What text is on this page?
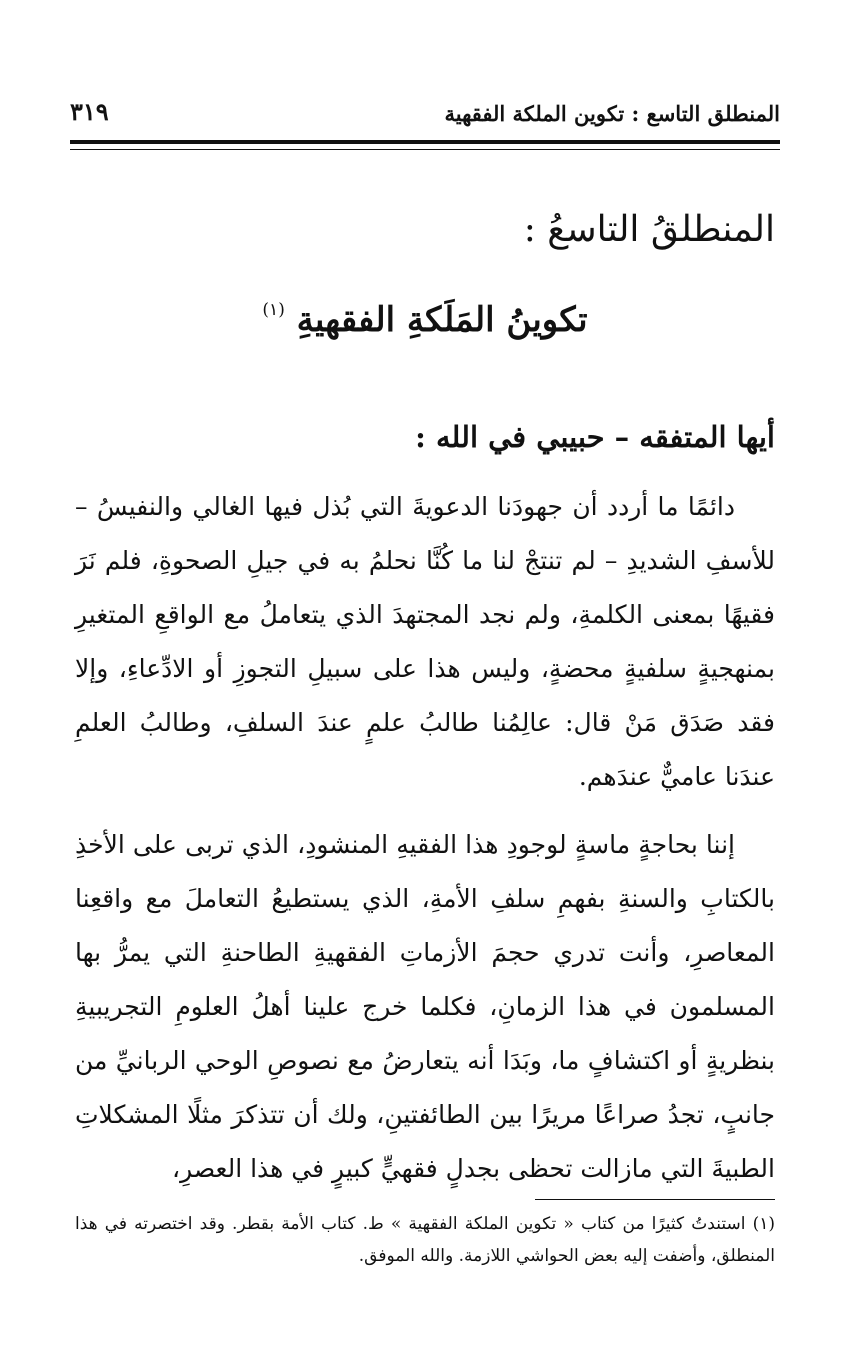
المنطلق التاسع : تكوين الملكة الفقهية
٣١٩
المنطلقُ التاسعُ :
تكوينُ المَلَكةِ الفقهيةِ $^{(١)}$
أيها المتفقه – حبيبي في الله :

دائمًا ما أردد أن جهودَنا الدعويةَ التي بُذل فيها الغالي والنفيسُ – للأسفِ الشديدِ – لم تنتجْ لنا ما كُنَّا نحلمُ به في جيلِ الصحوةِ، فلم نَرَ فقيهًا بمعنى الكلمةِ، ولم نجد المجتهدَ الذي يتعاملُ مع الواقعِ المتغيرِ بمنهجيةٍ سلفيةٍ محضةٍ، وليس هذا على سبيلِ التجوزِ أو الادِّعاءِ، وإلا فقد صَدَق مَنْ قال: عالِمُنا طالبُ علمٍ عندَ السلفِ، وطالبُ العلمِ عندَنا عاميٌّ عندَهم.

إننا بحاجةٍ ماسةٍ لوجودِ هذا الفقيهِ المنشودِ، الذي تربى على الأخذِ بالكتابِ والسنةِ بفهمِ سلفِ الأمةِ، الذي يستطيعُ التعاملَ مع واقعِنا المعاصرِ، وأنت تدري حجمَ الأزماتِ الفقهيةِ الطاحنةِ التي يمرُّ بها المسلمون في هذا الزمانِ، فكلما خرج علينا أهلُ العلومِ التجريبيةِ بنظريةٍ أو اكتشافٍ ما، وبَدَا أنه يتعارضُ مع نصوصِ الوحي الربانيِّ من جانبٍ، تجدُ صراعًا مريرًا بين الطائفتينِ، ولك أن تتذكرَ مثلًا المشكلاتِ الطبيةَ التي مازالت تحظى بجدلٍ فقهيٍّ كبيرٍ في هذا العصرِ،

(١) استندتُ كثيرًا من كتاب « تكوين الملكة الفقهية » ط. كتاب الأمة بقطر. وقد اختصرته في هذا المنطلق، وأضفت إليه بعض الحواشي اللازمة. والله الموفق.
